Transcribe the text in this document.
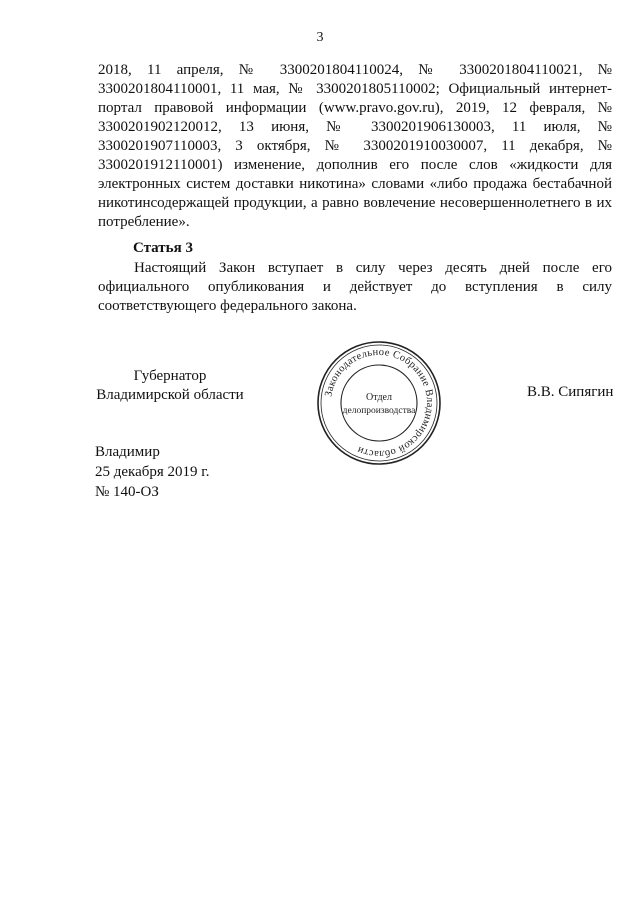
3
2018, 11 апреля, № 3300201804110024, № 3300201804110021, № 3300201804110001, 11 мая, № 3300201805110002; Официальный интернет-портал правовой информации (www.pravo.gov.ru), 2019, 12 февраля, № 3300201902120012, 13 июня, № 3300201906130003, 11 июля, № 3300201907110003, 3 октября, № 3300201910030007, 11 декабря, № 3300201912110001) изменение, дополнив его после слов «жидкости для электронных систем доставки никотина» словами «либо продажа бестабачной никотинсодержащей продукции, а равно вовлечение несовершеннолетнего в их потребление».
Статья 3
Настоящий Закон вступает в силу через десять дней после его официального опубликования и действует до вступления в силу соответствующего федерального закона.
Губернатор
Владимирской области	В.В. Сипягин
Законодательное Собрание Владимирской области
Отдел
делопроизводства
Владимир
25 декабря 2019 г.
№ 140-ОЗ
